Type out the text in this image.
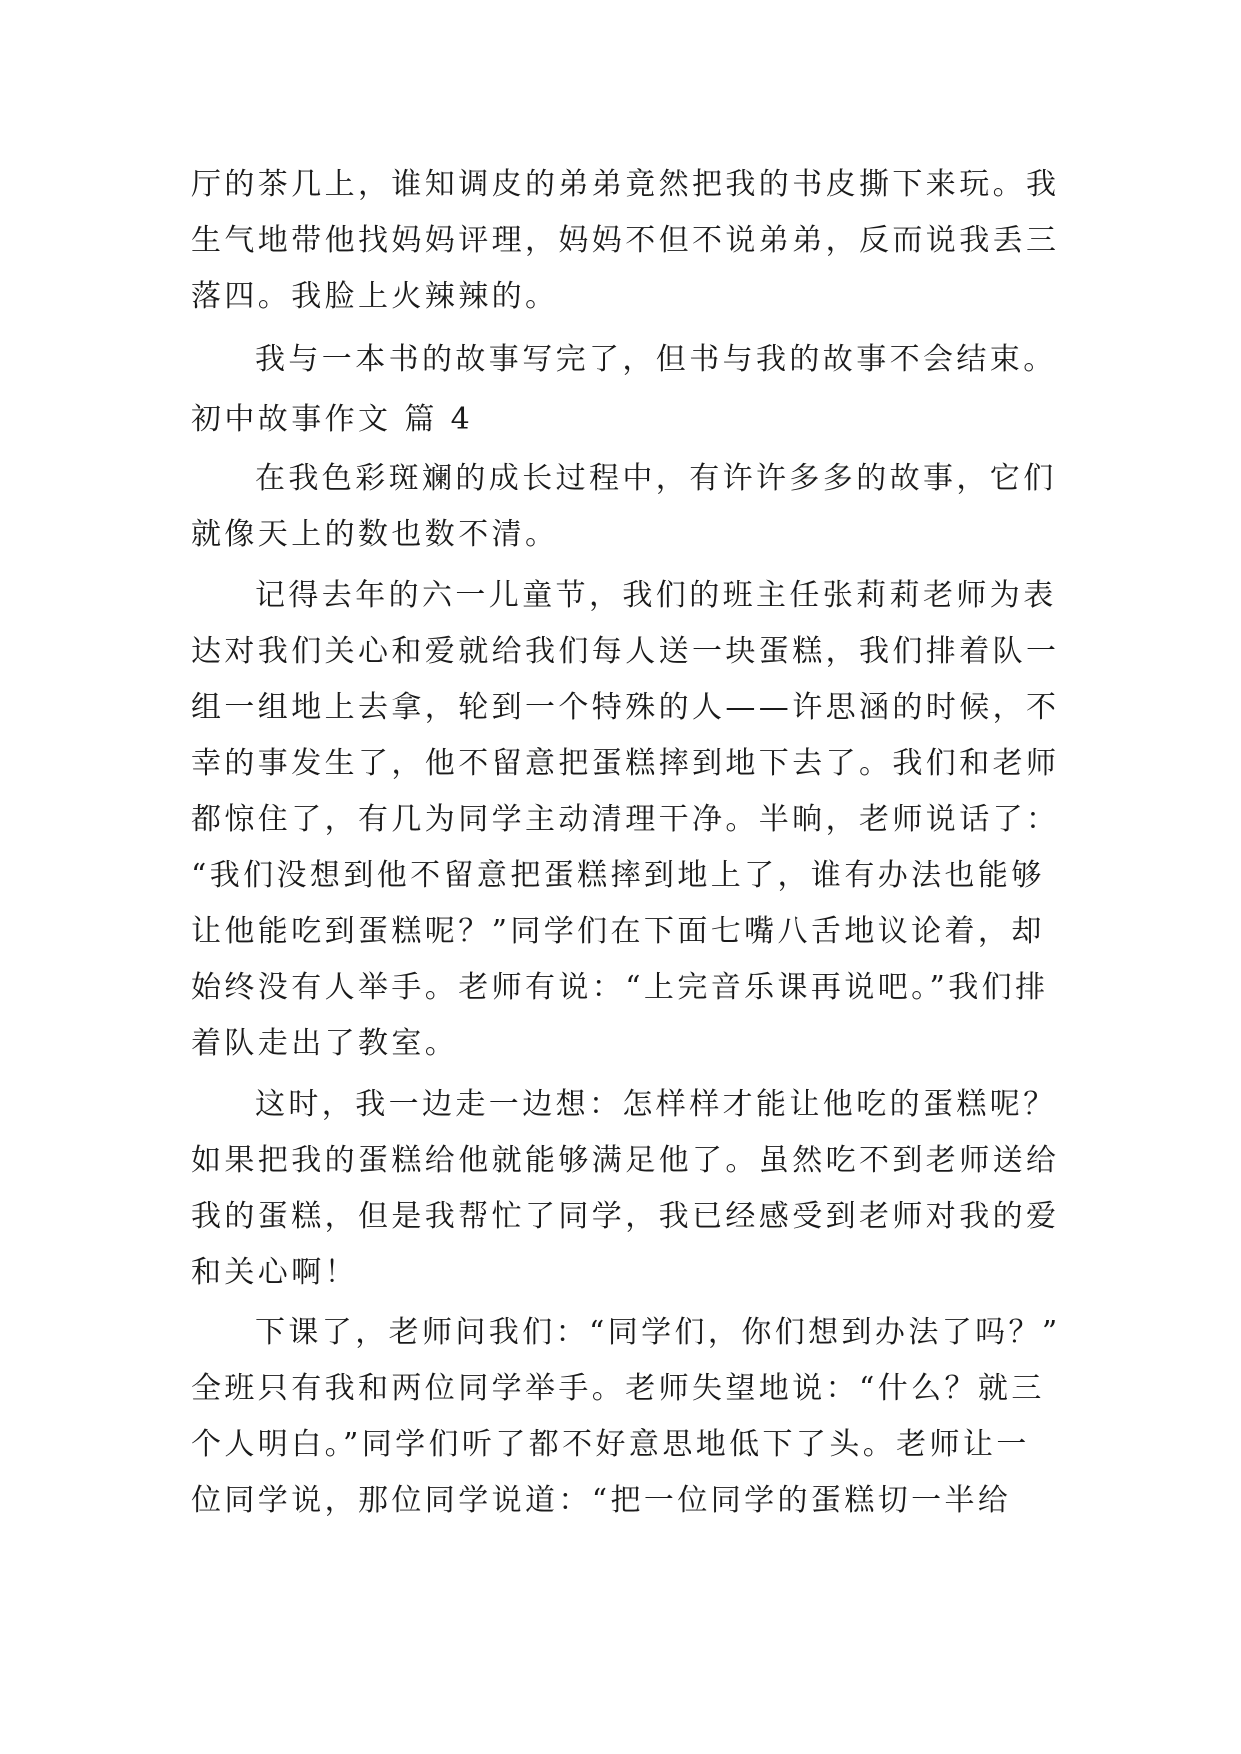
厅的茶几上，谁知调皮的弟弟竟然把我的书皮撕下来玩。我
生气地带他找妈妈评理，妈妈不但不说弟弟，反而说我丢三
落四。我脸上火辣辣的。
我与一本书的故事写完了，但书与我的故事不会结束。
初中故事作文 篇 4
在我色彩斑斓的成长过程中，有许许多多的故事，它们
就像天上的数也数不清。
记得去年的六一儿童节，我们的班主任张莉莉老师为表
达对我们关心和爱就给我们每人送一块蛋糕，我们排着队一
组一组地上去拿，轮到一个特殊的人——许思涵的时候，不
幸的事发生了，他不留意把蛋糕摔到地下去了。我们和老师
都惊住了，有几为同学主动清理干净。半晌，老师说话了：
“我们没想到他不留意把蛋糕摔到地上了，谁有办法也能够
让他能吃到蛋糕呢？”同学们在下面七嘴八舌地议论着，却
始终没有人举手。老师有说：“上完音乐课再说吧。”我们排
着队走出了教室。
这时，我一边走一边想：怎样样才能让他吃的蛋糕呢？
如果把我的蛋糕给他就能够满足他了。虽然吃不到老师送给
我的蛋糕，但是我帮忙了同学，我已经感受到老师对我的爱
和关心啊！
下课了，老师问我们：“同学们，你们想到办法了吗？”
全班只有我和两位同学举手。老师失望地说：“什么？就三
个人明白。”同学们听了都不好意思地低下了头。老师让一
位同学说，那位同学说道：“把一位同学的蛋糕切一半给
